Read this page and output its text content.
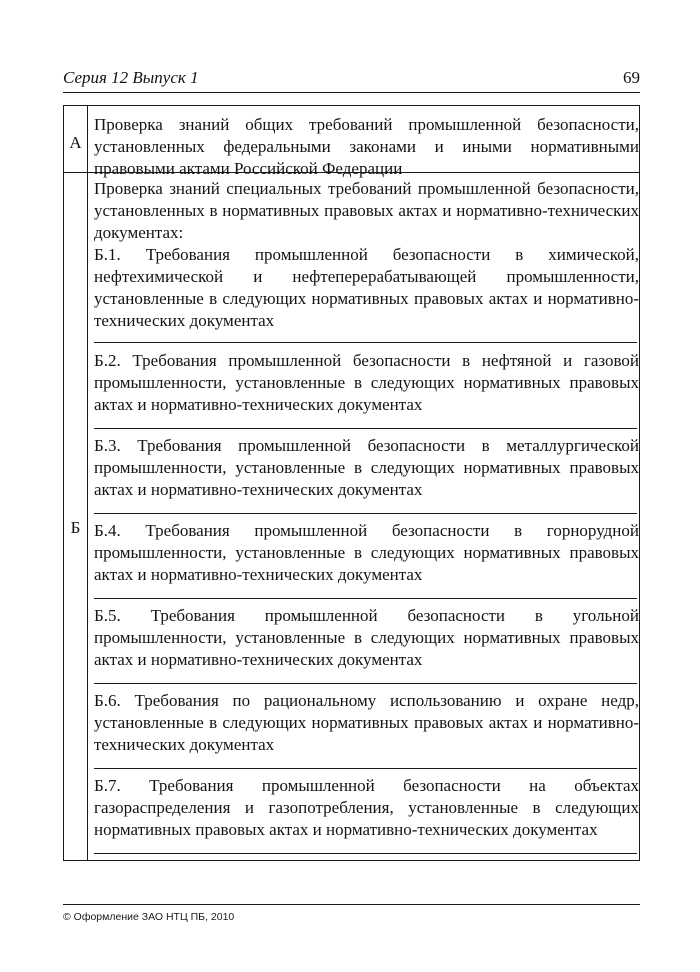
Серия 12 Выпуск 1	69
А
Проверка знаний общих требований промышленной безопасности, установленных федеральными законами и иными нормативными правовыми актами Российской Федерации
Б
Проверка знаний специальных требований промышленной безопасности, установленных в нормативных правовых актах и нормативно-технических документах:
Б.1. Требования промышленной безопасности в химической, нефтехимической и нефтеперерабатывающей промышленности, установленные в следующих нормативных правовых актах и нормативно-технических документах
Б.2. Требования промышленной безопасности в нефтяной и газовой промышленности, установленные в следующих нормативных правовых актах и нормативно-технических документах
Б.3. Требования промышленной безопасности в металлургической промышленности, установленные в следующих нормативных правовых актах и нормативно-технических документах
Б.4. Требования промышленной безопасности в горнорудной промышленности, установленные в следующих нормативных правовых актах и нормативно-технических документах
Б.5. Требования промышленной безопасности в угольной промышленности, установленные в следующих нормативных правовых актах и нормативно-технических документах
Б.6. Требования по рациональному использованию и охране недр, установленные в следующих нормативных правовых актах и нормативно-технических документах
Б.7. Требования промышленной безопасности на объектах газораспределения и газопотребления, установленные в следующих нормативных правовых актах и нормативно-технических документах
© Оформление ЗАО НТЦ ПБ, 2010
